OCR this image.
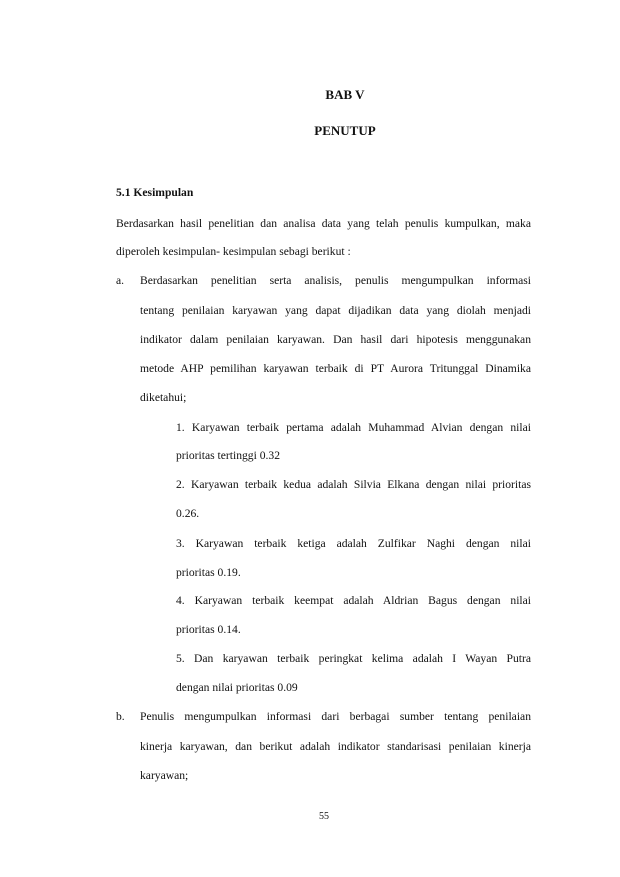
BAB V
PENUTUP
5.1 Kesimpulan
Berdasarkan hasil penelitian dan analisa data yang telah penulis kumpulkan, maka
diperoleh kesimpulan- kesimpulan sebagi berikut :
a. Berdasarkan penelitian serta analisis, penulis mengumpulkan informasi
tentang penilaian karyawan yang dapat dijadikan data yang diolah menjadi
indikator dalam penilaian karyawan. Dan hasil dari hipotesis menggunakan
metode AHP pemilihan karyawan terbaik di PT Aurora Tritunggal Dinamika
diketahui;
1. Karyawan terbaik pertama adalah Muhammad Alvian dengan nilai
prioritas tertinggi 0.32
2. Karyawan terbaik kedua adalah Silvia Elkana dengan nilai prioritas
0.26.
3. Karyawan terbaik ketiga adalah Zulfikar Naghi dengan nilai
prioritas 0.19.
4. Karyawan terbaik keempat adalah Aldrian Bagus dengan nilai
prioritas 0.14.
5. Dan karyawan terbaik peringkat kelima adalah I Wayan Putra
dengan nilai prioritas 0.09
b. Penulis mengumpulkan informasi dari berbagai sumber tentang penilaian
kinerja karyawan, dan berikut adalah indikator standarisasi penilaian kinerja
karyawan;
55
